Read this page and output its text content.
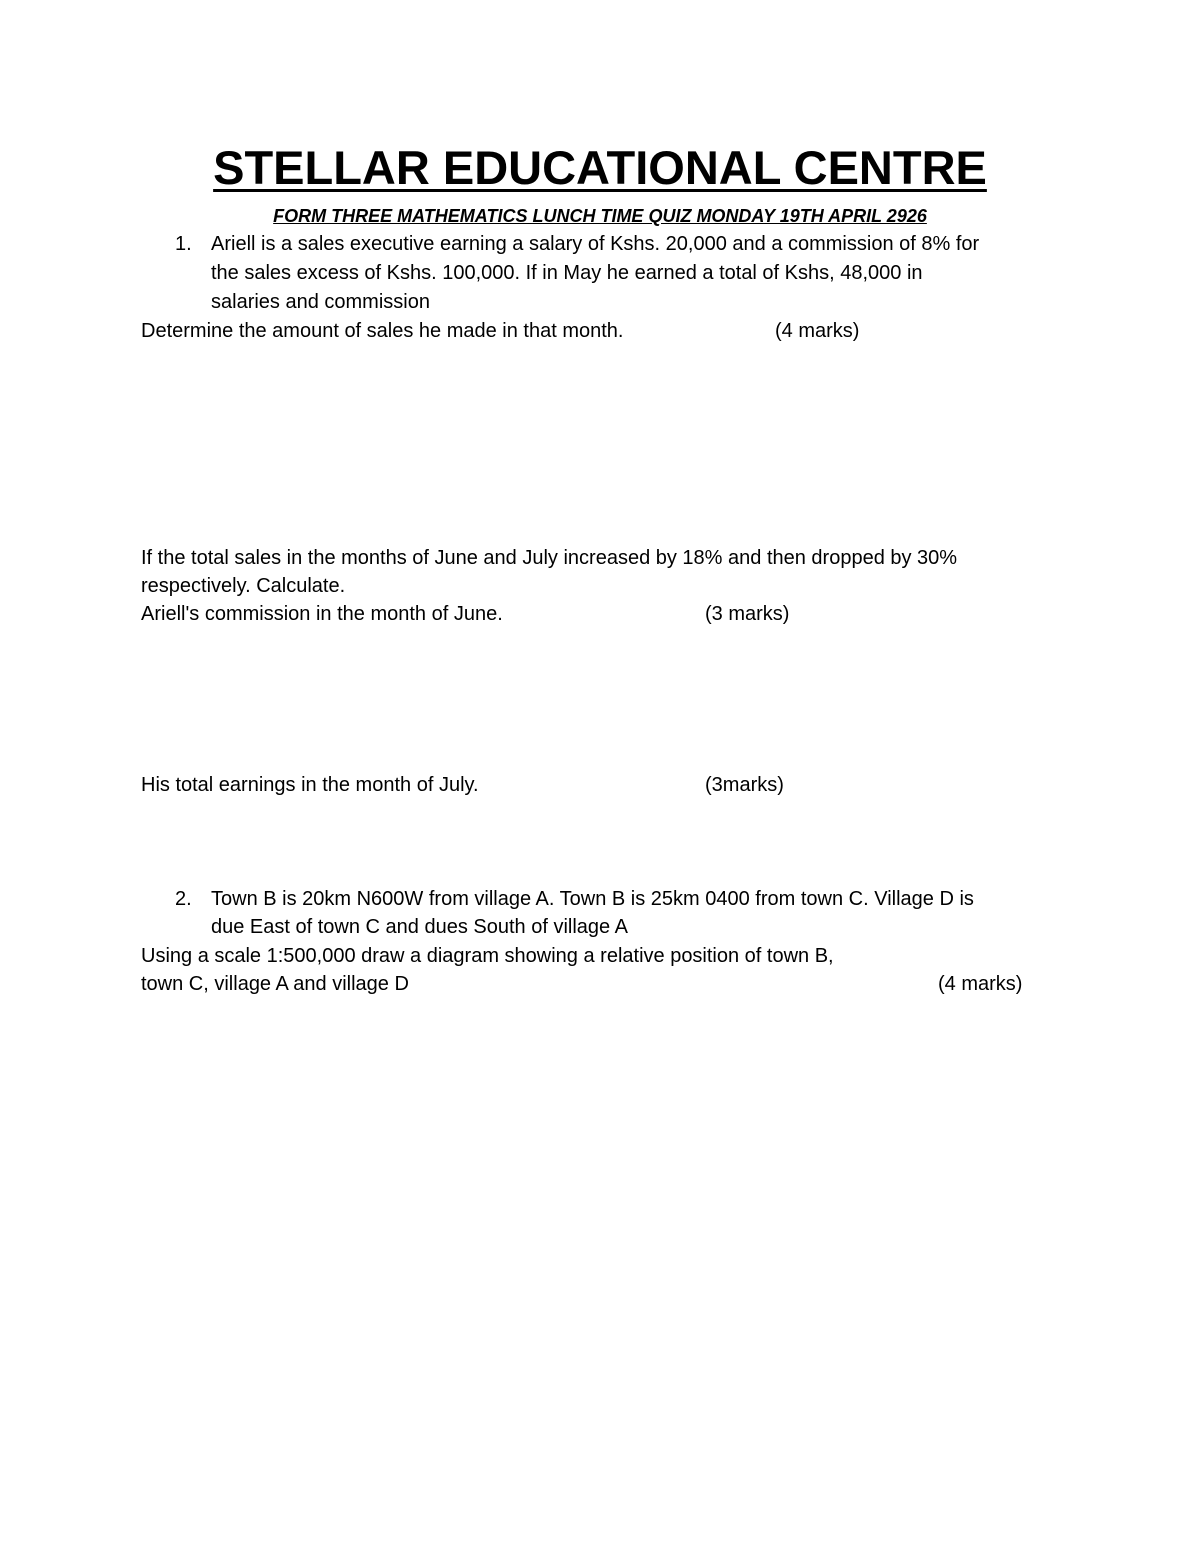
STELLAR EDUCATIONAL CENTRE
FORM THREE MATHEMATICS LUNCH TIME QUIZ MONDAY 19TH APRIL 2926
1. Ariell is a sales executive earning a salary of Kshs. 20,000 and a commission of 8% for
the sales excess of Kshs. 100,000. If in May he earned a total of Kshs, 48,000 in
salaries and commission
Determine the amount of sales he made in that month.	(4 marks)
If the total sales in the months of June and July increased by 18% and then dropped by 30%
respectively. Calculate.
Ariell's commission in the month of June.	(3 marks)
His total earnings in the month of July.	(3marks)
2. Town B is 20km N600W from village A. Town B is 25km 0400 from town C. Village D is
due East of town C and dues South of village A
Using a scale 1:500,000 draw a diagram showing a relative position of town B,
town C, village A and village D	(4 marks)
